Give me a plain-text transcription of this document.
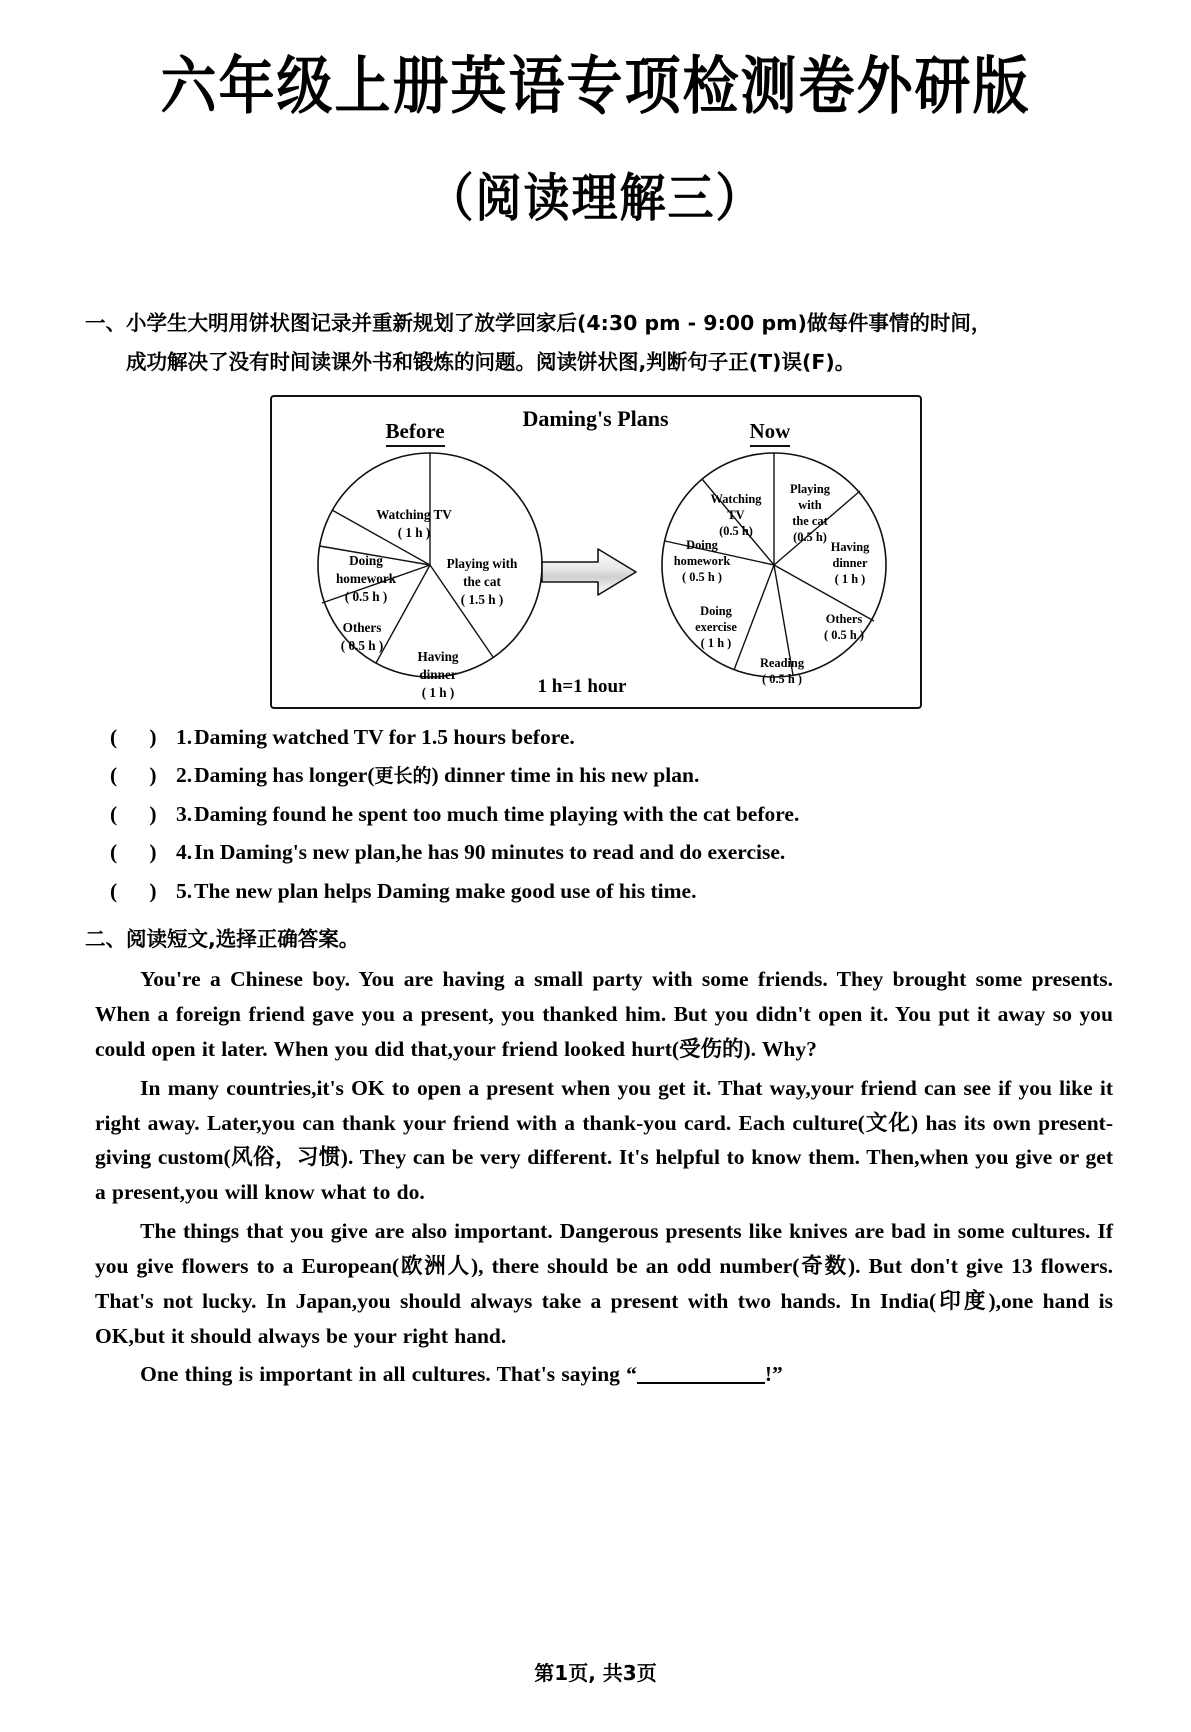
六年级上册英语专项检测卷外研版
（阅读理解三）
一、小学生大明用饼状图记录并重新规划了放学回家后(4:30 pm - 9:00 pm)做每件事情的时间，
成功解决了没有时间读课外书和锻炼的问题。阅读饼状图,判断句子正(T)误(F)。
Daming's Plans
Before	Now
Watching TV
( 1 h )
Doing
homework
( 0.5 h )
Others
( 0.5 h )
Having
dinner
( 1 h )
Playing with
the cat
( 1.5 h )
Watching
TV
(0.5 h)
Playing
with
the cat
(0.5 h)
Doing
homework
( 0.5 h )
Doing
exercise
( 1 h )
Reading
( 0.5 h )
Others
( 0.5 h )
Having
dinner
( 1 h )
1 h=1 hour
(      ) 1.Daming watched TV for 1.5 hours before.
(      ) 2.Daming has longer(更长的) dinner time in his new plan.
(      ) 3.Daming found he spent too much time playing with the cat before.
(      ) 4.In Daming's new plan,he has 90 minutes to read and do exercise.
(      ) 5.The new plan helps Daming make good use of his time.
二、阅读短文,选择正确答案。

You're a Chinese boy. You are having a small party with some friends. They brought some presents. When a foreign friend gave you a present, you thanked him. But you didn't open it. You put it away so you could open it later. When you did that,your friend looked hurt(受伤的). Why?

In many countries,it's OK to open a present when you get it. That way,your friend can see if you like it right away. Later,you can thank your friend with a thank-you card. Each culture(文化) has its own present-giving custom(风俗，习惯). They can be very different. It's helpful to know them. Then,when you give or get a present,you will know what to do.

The things that you give are also important. Dangerous presents like knives are bad in some cultures. If you give flowers to a European(欧洲人), there should be an odd number(奇数). But don't give 13 flowers. That's not lucky. In Japan,you should always take a present with two hands. In India(印度),one hand is OK,but it should always be your right hand.

One thing is important in all cultures. That's saying “	!”

第1页, 共3页
